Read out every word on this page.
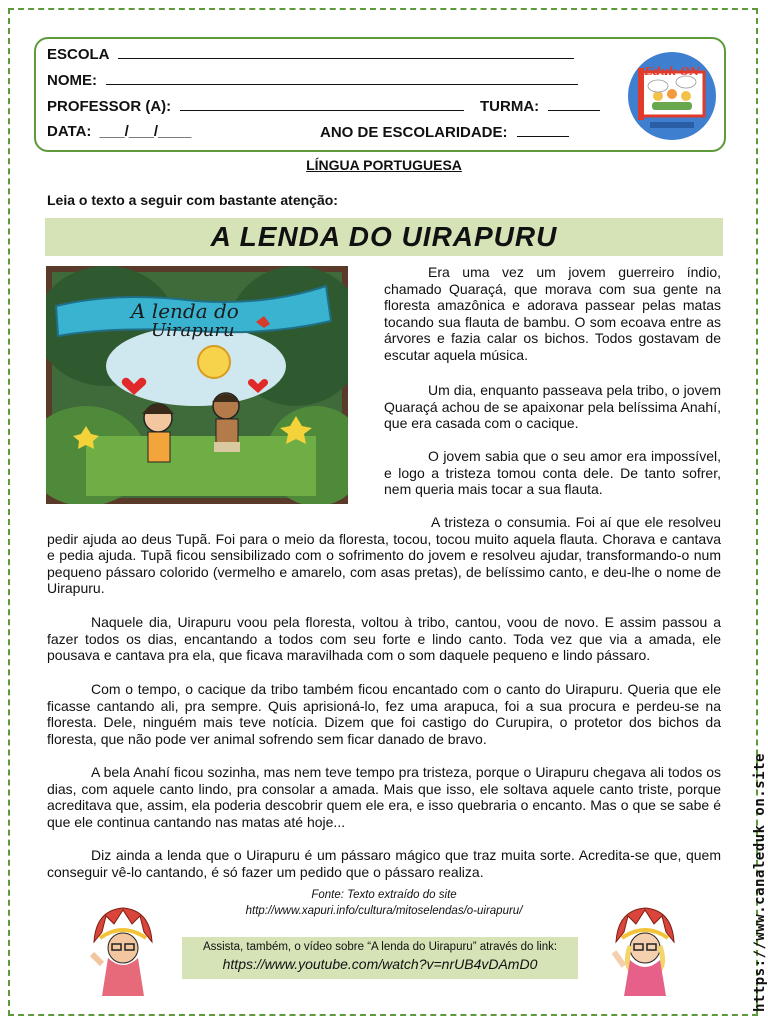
ESCOLA
NOME:
PROFESSOR (A):	TURMA:
DATA: ___/___/____	ANO DE ESCOLARIDADE:
Eduk ON
LÍNGUA PORTUGUESA
Leia o texto a seguir com bastante atenção:
A LENDA DO UIRAPURU
A lenda do
Uirapuru

Era uma vez um jovem guerreiro índio, chamado Quaraçá, que morava com sua gente na floresta amazônica e adorava passear pelas matas tocando sua flauta de bambu. O som ecoava entre as árvores e fazia calar os bichos. Todos gostavam de escutar aquela música.

Um dia, enquanto passeava pela tribo, o jovem Quaraçá achou de se apaixonar pela belíssima Anahí, que era casada com o cacique.

O jovem sabia que o seu amor era impossível, e logo a tristeza tomou conta dele. De tanto sofrer, nem queria mais tocar a sua flauta.

A tristeza o consumia. Foi aí que ele resolveu pedir ajuda ao deus Tupã. Foi para o meio da floresta, tocou, tocou muito aquela flauta. Chorava e cantava e pedia ajuda. Tupã ficou sensibilizado com o sofrimento do jovem e resolveu ajudar, transformando-o num pequeno pássaro colorido (vermelho e amarelo, com asas pretas), de belíssimo canto, e deu-lhe o nome de Uirapuru.

Naquele dia, Uirapuru voou pela floresta, voltou à tribo, cantou, voou de novo. E assim passou a fazer todos os dias, encantando a todos com seu forte e lindo canto. Toda vez que via a amada, ele pousava e cantava pra ela, que ficava maravilhada com o som daquele pequeno e lindo pássaro.

Com o tempo, o cacique da tribo também ficou encantado com o canto do Uirapuru. Queria que ele ficasse cantando ali, pra sempre. Quis aprisioná-lo, fez uma arapuca, foi a sua procura e perdeu-se na floresta. Dele, ninguém mais teve notícia. Dizem que foi castigo do Curupira, o protetor dos bichos da floresta, que não pode ver animal sofrendo sem ficar danado de bravo.

A bela Anahí ficou sozinha, mas nem teve tempo pra tristeza, porque o Uirapuru chegava ali todos os dias, com aquele canto lindo, pra consolar a amada. Mais que isso, ele soltava aquele canto triste, porque acreditava que, assim, ela poderia descobrir quem ele era, e isso quebraria o encanto. Mas o que se sabe é que ele continua cantando nas matas até hoje...

Diz ainda a lenda que o Uirapuru é um pássaro mágico que traz muita sorte. Acredita-se que, quem conseguir vê-lo cantando, é só fazer um pedido que o pássaro realiza.

Fonte: Texto extraído do site
http://www.xapuri.info/cultura/mitoselendas/o-uirapuru/
Assista, também, o vídeo sobre “A lenda do Uirapuru” através do link:
https://www.youtube.com/watch?v=nrUB4vDAmD0	https://www.canaleduk on.site
